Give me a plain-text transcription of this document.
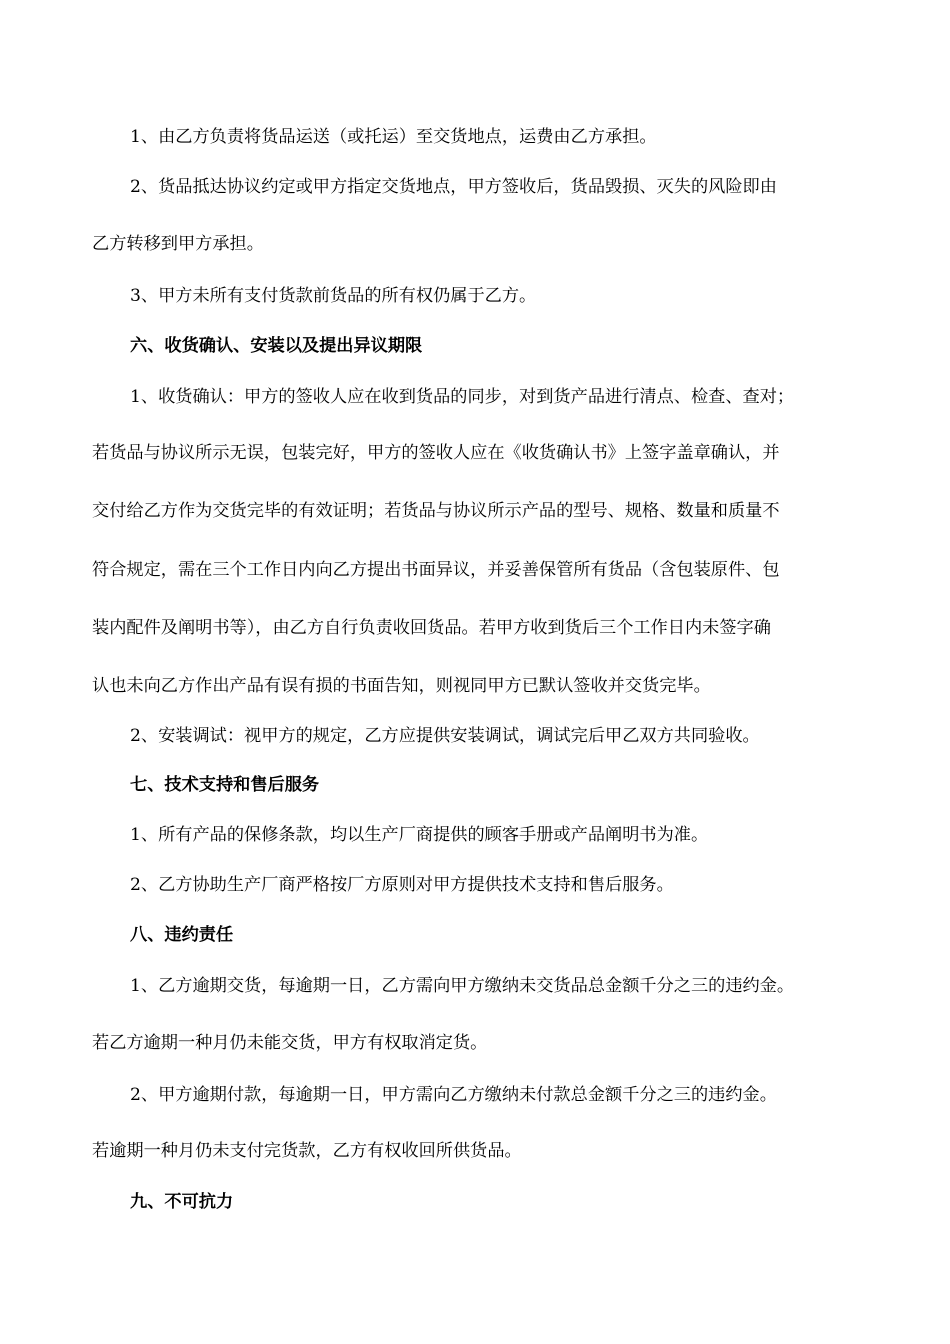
1、由乙方负责将货品运送（或托运）至交货地点，运费由乙方承担。
2、货品抵达协议约定或甲方指定交货地点，甲方签收后，货品毁损、灭失的风险即由
乙方转移到甲方承担。
3、甲方未所有支付货款前货品的所有权仍属于乙方。
六、收货确认、安装以及提出异议期限
1、收货确认：甲方的签收人应在收到货品的同步，对到货产品进行清点、检查、查对；
若货品与协议所示无误，包装完好，甲方的签收人应在《收货确认书》上签字盖章确认，并
交付给乙方作为交货完毕的有效证明；若货品与协议所示产品的型号、规格、数量和质量不
符合规定，需在三个工作日内向乙方提出书面异议，并妥善保管所有货品（含包装原件、包
装内配件及阐明书等），由乙方自行负责收回货品。若甲方收到货后三个工作日内未签字确
认也未向乙方作出产品有误有损的书面告知，则视同甲方已默认签收并交货完毕。
2、安装调试：视甲方的规定，乙方应提供安装调试，调试完后甲乙双方共同验收。
七、技术支持和售后服务
1、所有产品的保修条款，均以生产厂商提供的顾客手册或产品阐明书为准。
2、乙方协助生产厂商严格按厂方原则对甲方提供技术支持和售后服务。
八、违约责任
1、乙方逾期交货，每逾期一日，乙方需向甲方缴纳未交货品总金额千分之三的违约金。
若乙方逾期一种月仍未能交货，甲方有权取消定货。
2、甲方逾期付款，每逾期一日，甲方需向乙方缴纳未付款总金额千分之三的违约金。
若逾期一种月仍未支付完货款，乙方有权收回所供货品。
九、不可抗力
